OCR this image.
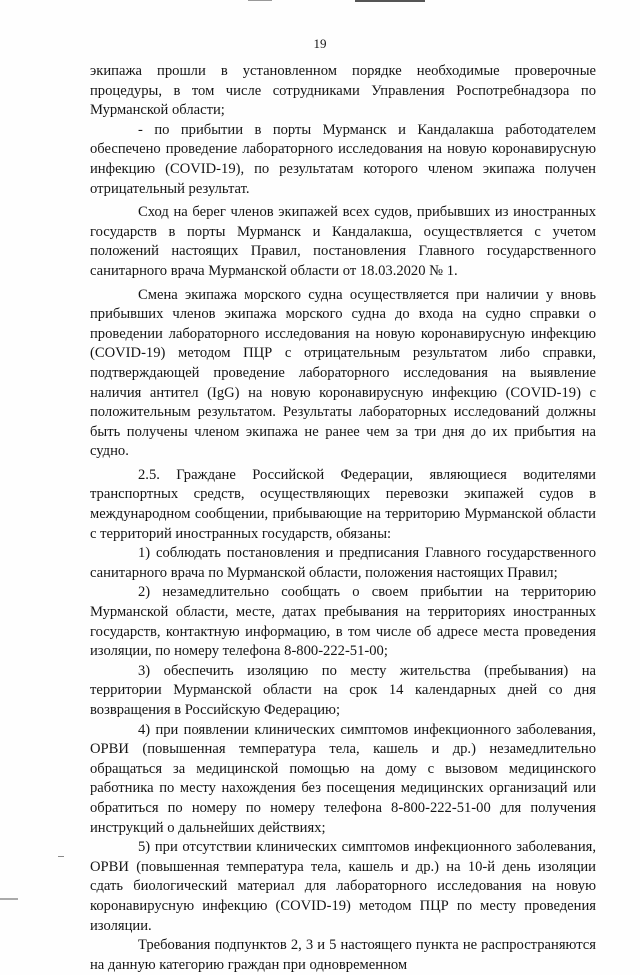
19

экипажа прошли в установленном порядке необходимые проверочные процедуры, в том числе сотрудниками Управления Роспотребнадзора по Мурманской области;

- по прибытии в порты Мурманск и Кандалакша работодателем обеспечено проведение лабораторного исследования на новую коронавирусную инфекцию (COVID-19), по результатам которого членом экипажа получен отрицательный результат.

Сход на берег членов экипажей всех судов, прибывших из иностранных государств в порты Мурманск и Кандалакша, осуществляется с учетом положений настоящих Правил, постановления Главного государственного санитарного врача Мурманской области от 18.03.2020 № 1.

Смена экипажа морского судна осуществляется при наличии у вновь прибывших членов экипажа морского судна до входа на судно справки о проведении лабораторного исследования на новую коронавирусную инфекцию (COVID-19) методом ПЦР с отрицательным результатом либо справки, подтверждающей проведение лабораторного исследования на выявление наличия антител (IgG) на новую коронавирусную инфекцию (COVID-19) с положительным результатом. Результаты лабораторных исследований должны быть получены членом экипажа не ранее чем за три дня до их прибытия на судно.

2.5. Граждане Российской Федерации, являющиеся водителями транспортных средств, осуществляющих перевозки экипажей судов в международном сообщении, прибывающие на территорию Мурманской области с территорий иностранных государств, обязаны:

1) соблюдать постановления и предписания Главного государственного санитарного врача по Мурманской области, положения настоящих Правил;

2) незамедлительно сообщать о своем прибытии на территорию Мурманской области, месте, датах пребывания на территориях иностранных государств, контактную информацию, в том числе об адресе места проведения изоляции, по номеру телефона 8-800-222-51-00;

3) обеспечить изоляцию по месту жительства (пребывания) на территории Мурманской области на срок 14 календарных дней со дня возвращения в Российскую Федерацию;

4) при появлении клинических симптомов инфекционного заболевания, ОРВИ (повышенная температура тела, кашель и др.) незамедлительно обращаться за медицинской помощью на дому с вызовом медицинского работника по месту нахождения без посещения медицинских организаций или обратиться по номеру по номеру телефона 8-800-222-51-00 для получения инструкций о дальнейших действиях;

5) при отсутствии клинических симптомов инфекционного заболевания, ОРВИ (повышенная температура тела, кашель и др.) на 10-й день изоляции сдать биологический материал для лабораторного исследования на новую коронавирусную инфекцию (COVID-19) методом ПЦР по месту проведения изоляции.

Требования подпунктов 2, 3 и 5 настоящего пункта не распространяются на данную категорию граждан при одновременном
